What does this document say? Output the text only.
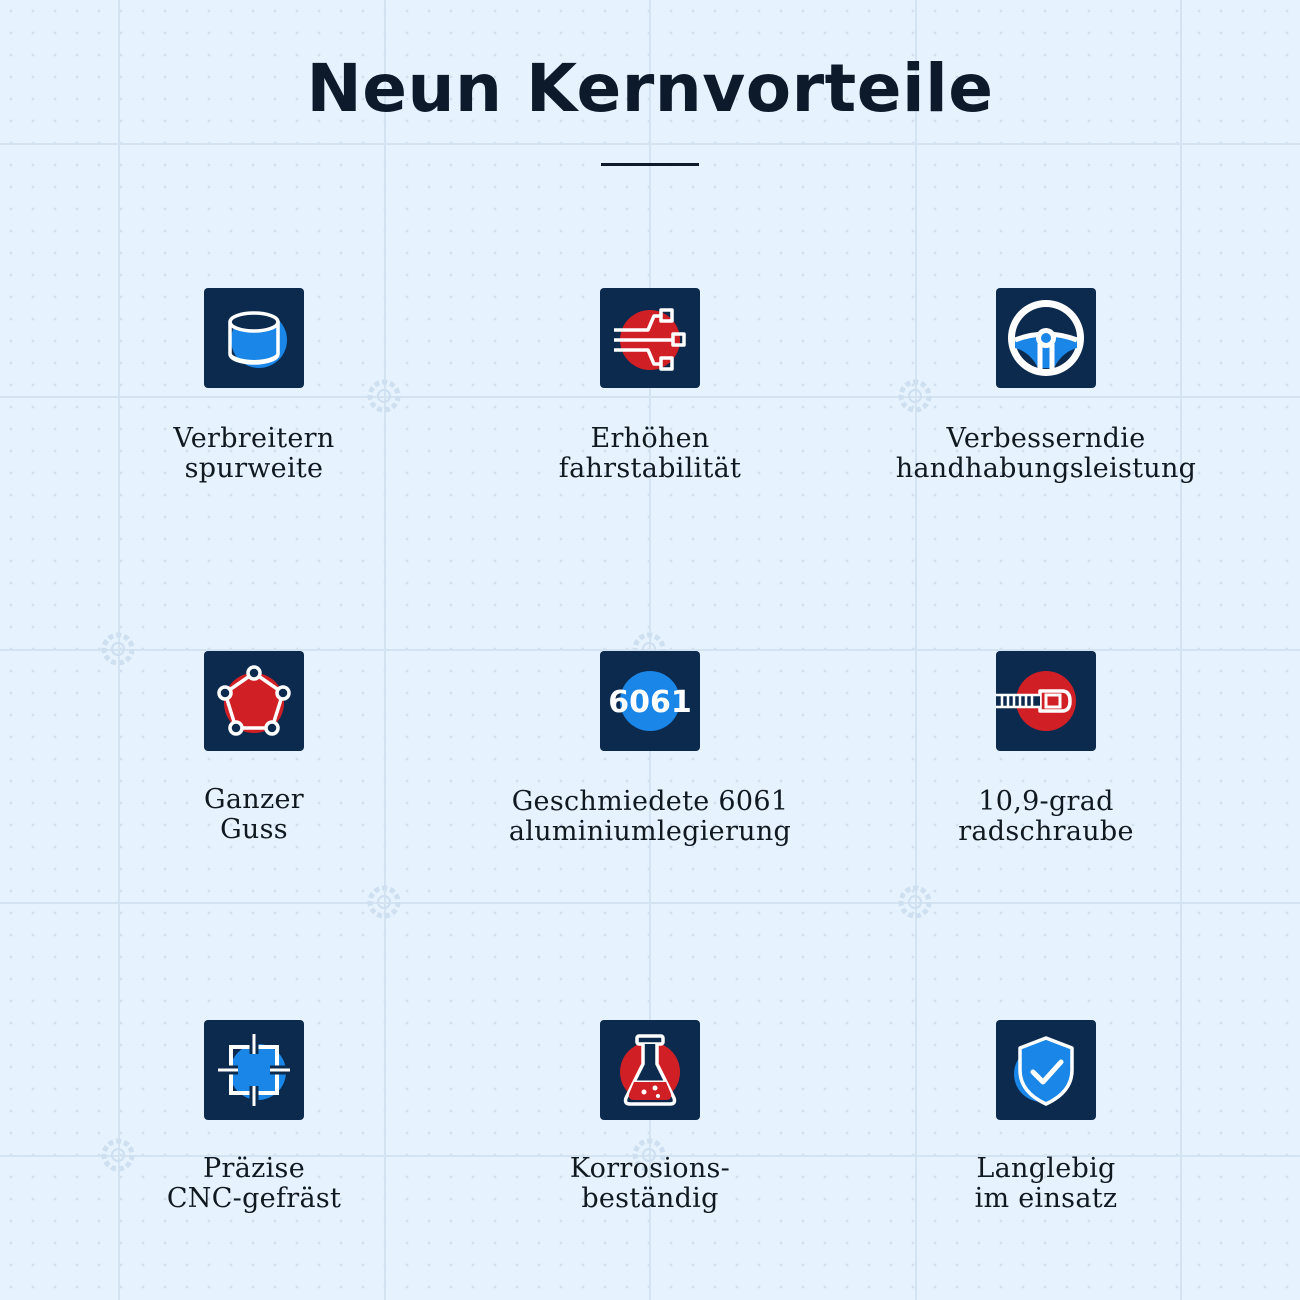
Neun Kernvorteile
Verbreitern
spurweite
Erhöhen
fahrstabilität
Verbesserndie
handhabungsleistung
Ganzer
Guss
6061
Geschmiedete 6061
aluminiumlegierung
10,9-grad
radschraube
Präzise
CNC-gefräst
Korrosions-
beständig
Langlebig
im einsatz
